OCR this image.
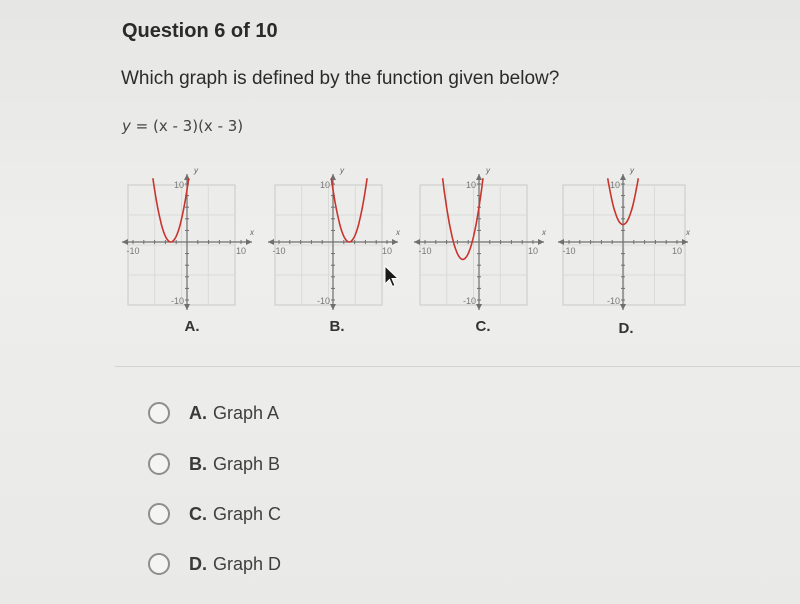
Question 6 of 10
Which graph is defined by the function given below?
y = (x - 3)(x - 3)
x
y
10
-10
-10	10
x
y
10
-10
-10	10
x
y
10
-10
-10	10
x
y
10
-10
-10	10
A.	B.	C.	D.
A. Graph A
B. Graph B
C. Graph C
D. Graph D
